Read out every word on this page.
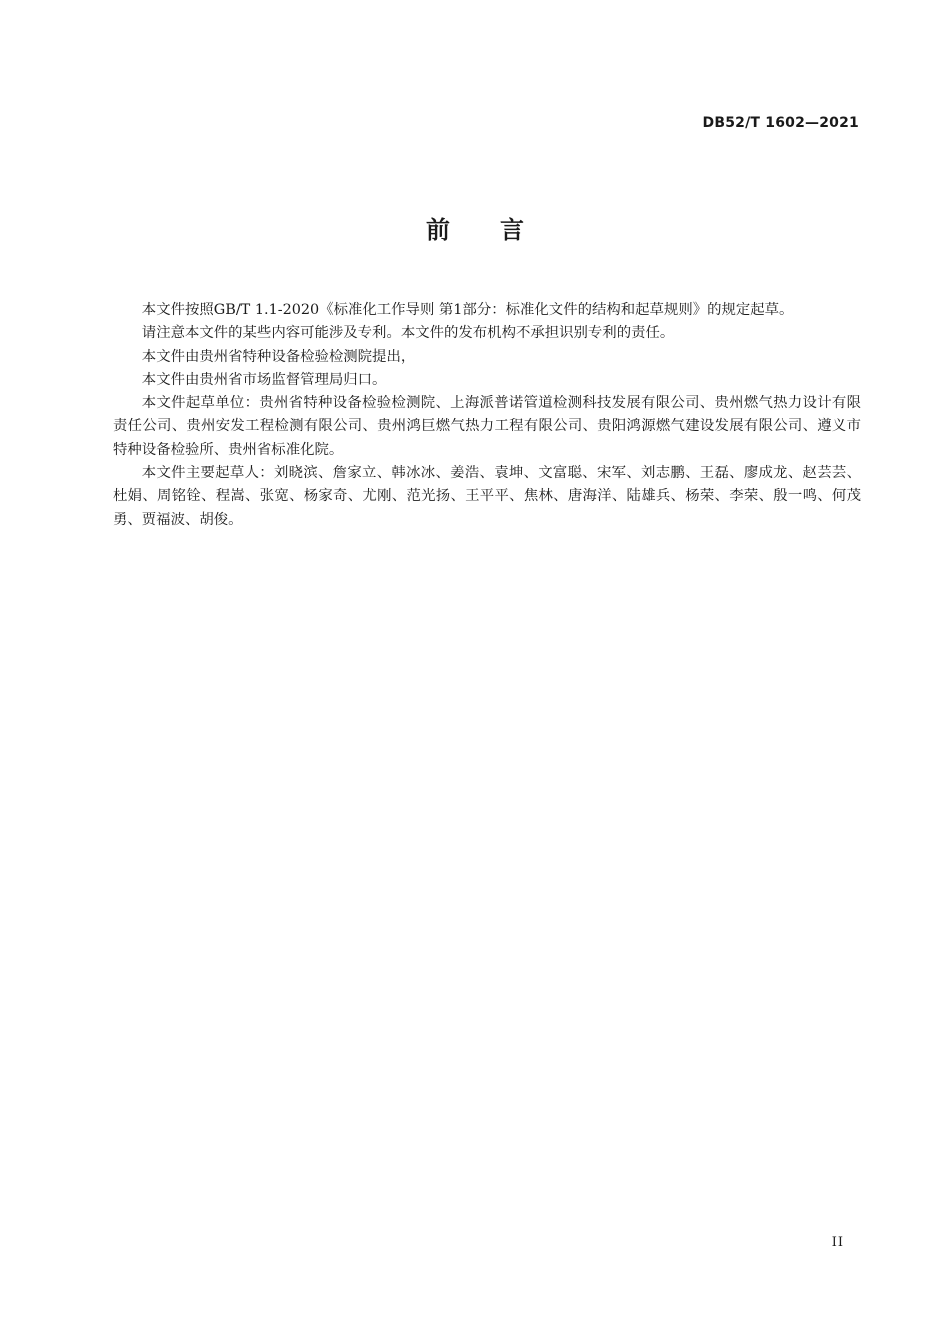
DB52/T 1602—2021
前 言

本文件按照GB/T 1.1-2020《标准化工作导则 第1部分：标准化文件的结构和起草规则》的规定起草。

请注意本文件的某些内容可能涉及专利。本文件的发布机构不承担识别专利的责任。

本文件由贵州省特种设备检验检测院提出，

本文件由贵州省市场监督管理局归口。

本文件起草单位：贵州省特种设备检验检测院、上海派普诺管道检测科技发展有限公司、贵州燃气热力设计有限责任公司、贵州安发工程检测有限公司、贵州鸿巨燃气热力工程有限公司、贵阳鸿源燃气建设发展有限公司、遵义市特种设备检验所、贵州省标准化院。

本文件主要起草人：刘晓滨、詹家立、韩冰冰、姜浩、袁坤、文富聪、宋军、刘志鹏、王磊、廖成龙、赵芸芸、杜娟、周铭铨、程嵩、张宽、杨家奇、尤刚、范光扬、王平平、焦林、唐海洋、陆雄兵、杨荣、李荣、殷一鸣、何茂勇、贾福波、胡俊。

II
